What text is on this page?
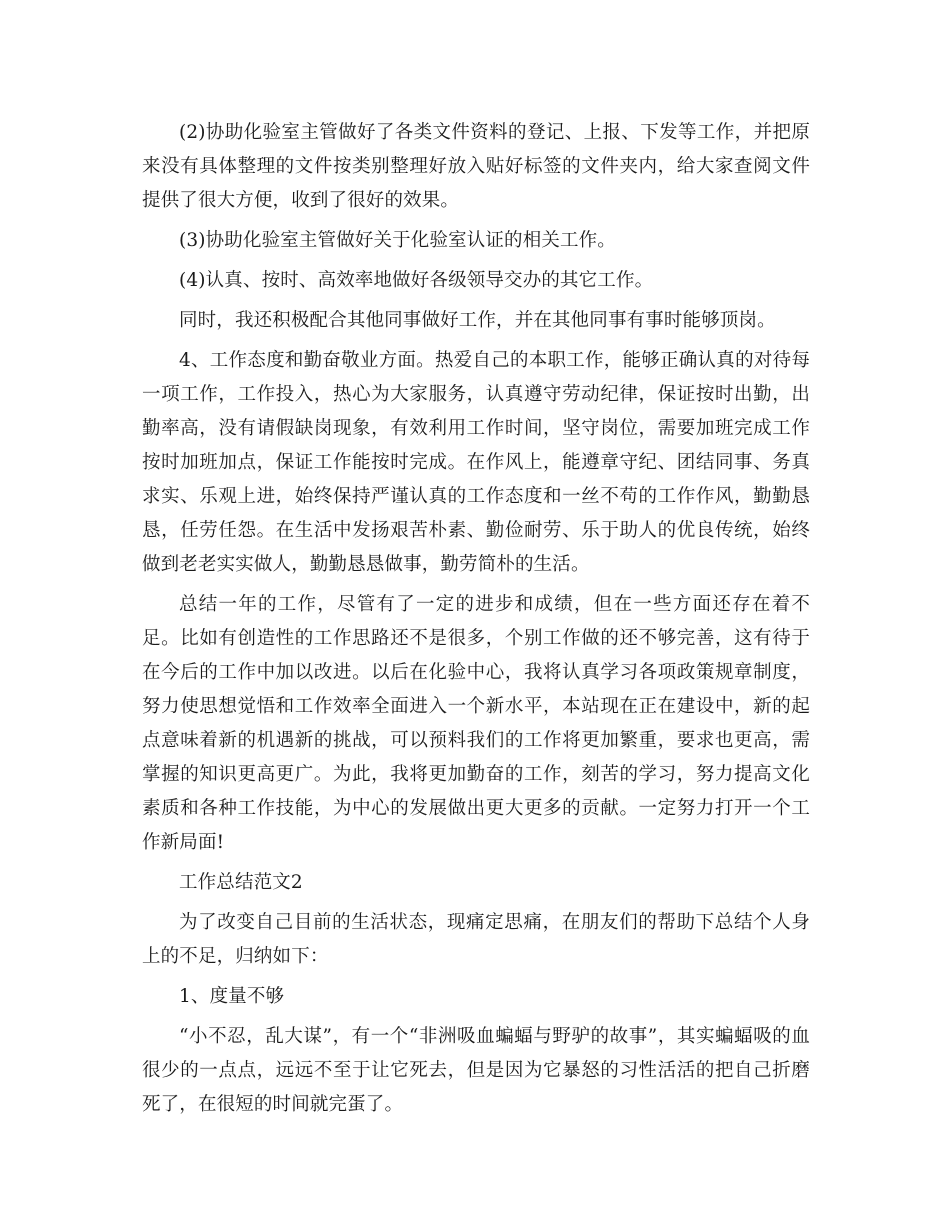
(2)协助化验室主管做好了各类文件资料的登记、上报、下发等工作，并把原来没有具体整理的文件按类别整理好放入贴好标签的文件夹内，给大家查阅文件提供了很大方便，收到了很好的效果。

(3)协助化验室主管做好关于化验室认证的相关工作。

(4)认真、按时、高效率地做好各级领导交办的其它工作。

同时，我还积极配合其他同事做好工作，并在其他同事有事时能够顶岗。

4、工作态度和勤奋敬业方面。热爱自己的本职工作，能够正确认真的对待每一项工作，工作投入，热心为大家服务，认真遵守劳动纪律，保证按时出勤，出勤率高，没有请假缺岗现象，有效利用工作时间，坚守岗位，需要加班完成工作按时加班加点，保证工作能按时完成。在作风上，能遵章守纪、团结同事、务真求实、乐观上进，始终保持严谨认真的工作态度和一丝不苟的工作作风，勤勤恳恳，任劳任怨。在生活中发扬艰苦朴素、勤俭耐劳、乐于助人的优良传统，始终做到老老实实做人，勤勤恳恳做事，勤劳简朴的生活。

总结一年的工作，尽管有了一定的进步和成绩，但在一些方面还存在着不足。比如有创造性的工作思路还不是很多，个别工作做的还不够完善，这有待于在今后的工作中加以改进。以后在化验中心，我将认真学习各项政策规章制度，努力使思想觉悟和工作效率全面进入一个新水平，本站现在正在建设中，新的起点意味着新的机遇新的挑战，可以预料我们的工作将更加繁重，要求也更高，需掌握的知识更高更广。为此，我将更加勤奋的工作，刻苦的学习，努力提高文化素质和各种工作技能，为中心的发展做出更大更多的贡献。一定努力打开一个工作新局面!

工作总结范文2

为了改变自己目前的生活状态，现痛定思痛，在朋友们的帮助下总结个人身上的不足，归纳如下：

1、度量不够

“小不忍，乱大谋”，有一个“非洲吸血蝙蝠与野驴的故事”，其实蝙蝠吸的血很少的一点点，远远不至于让它死去，但是因为它暴怒的习性活活的把自己折磨死了，在很短的时间就完蛋了。
